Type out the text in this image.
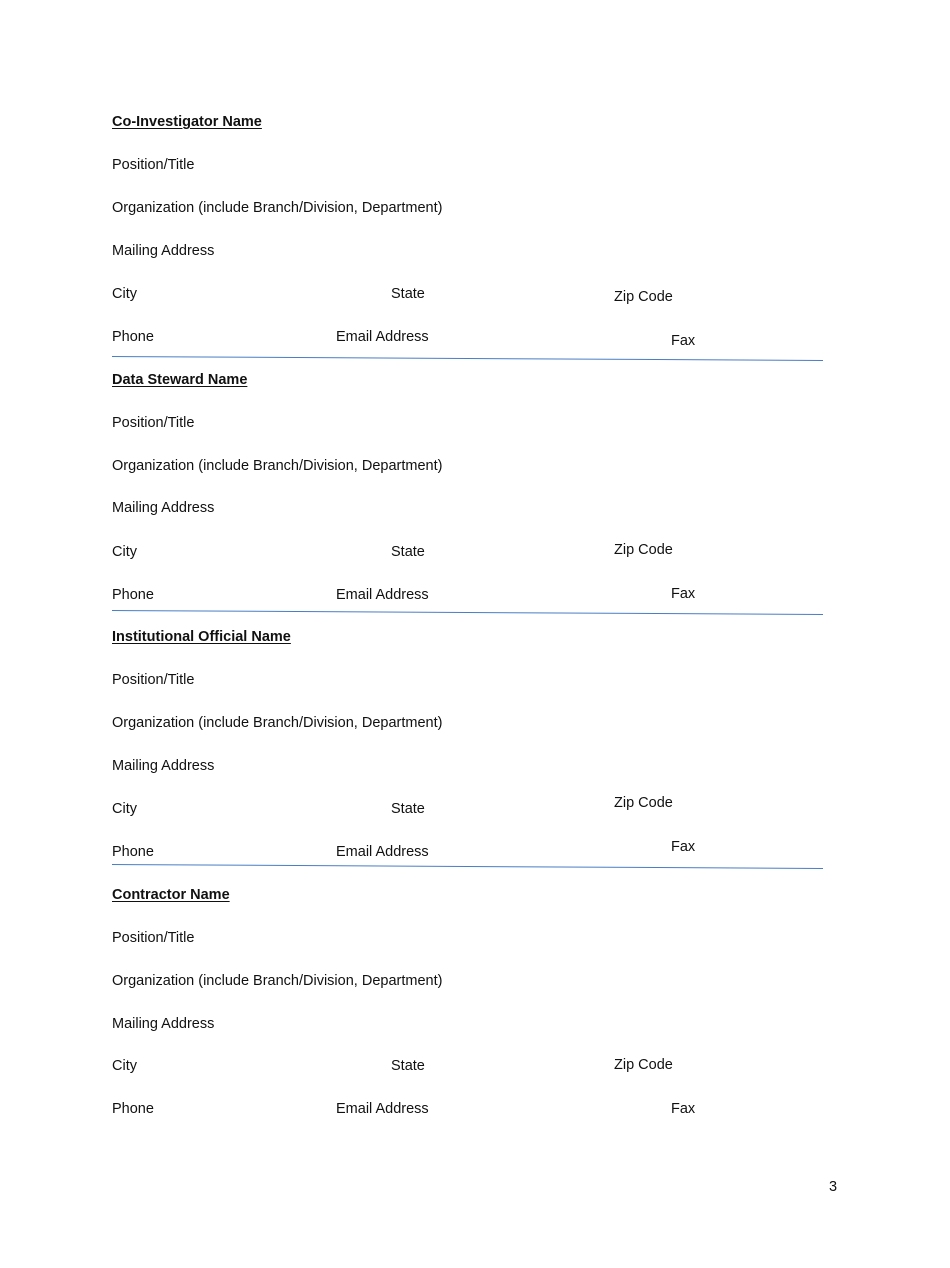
Co-Investigator Name
Position/Title
Organization (include Branch/Division, Department)
Mailing Address
City	State	Zip Code
Phone	Email Address	Fax
Data Steward Name
Position/Title
Organization (include Branch/Division, Department)
Mailing Address
City	State	Zip Code
Phone	Email Address	Fax
Institutional Official Name
Position/Title
Organization (include Branch/Division, Department)
Mailing Address
City	State	Zip Code
Phone	Email Address	Fax
Contractor Name
Position/Title
Organization (include Branch/Division, Department)
Mailing Address
City	State	Zip Code
Phone	Email Address	Fax
3
